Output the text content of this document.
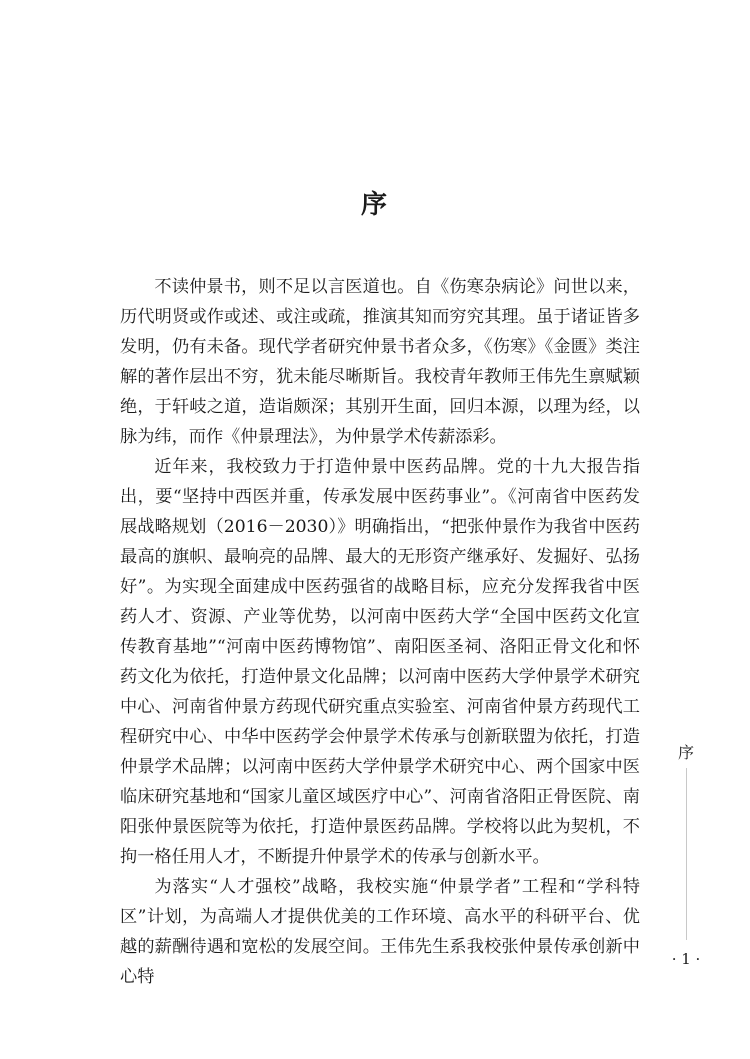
序

不读仲景书，则不足以言医道也。自《伤寒杂病论》问世以来，历代明贤或作或述、或注或疏，推演其知而穷究其理。虽于诸证皆多发明，仍有未备。现代学者研究仲景书者众多，《伤寒》《金匮》类注解的著作层出不穷，犹未能尽晰斯旨。我校青年教师王伟先生禀赋颖绝，于轩岐之道，造诣颇深；其别开生面，回归本源，以理为经，以脉为纬，而作《仲景理法》，为仲景学术传薪添彩。

近年来，我校致力于打造仲景中医药品牌。党的十九大报告指出，要“坚持中西医并重，传承发展中医药事业”。《河南省中医药发展战略规划（2016－2030）》明确指出，“把张仲景作为我省中医药最高的旗帜、最响亮的品牌、最大的无形资产继承好、发掘好、弘扬好”。为实现全面建成中医药强省的战略目标，应充分发挥我省中医药人才、资源、产业等优势，以河南中医药大学“全国中医药文化宣传教育基地”“河南中医药博物馆”、南阳医圣祠、洛阳正骨文化和怀药文化为依托，打造仲景文化品牌；以河南中医药大学仲景学术研究中心、河南省仲景方药现代研究重点实验室、河南省仲景方药现代工程研究中心、中华中医药学会仲景学术传承与创新联盟为依托，打造仲景学术品牌；以河南中医药大学仲景学术研究中心、两个国家中医临床研究基地和“国家儿童区域医疗中心”、河南省洛阳正骨医院、南阳张仲景医院等为依托，打造仲景医药品牌。学校将以此为契机，不拘一格任用人才，不断提升仲景学术的传承与创新水平。

为落实“人才强校”战略，我校实施“仲景学者”工程和“学科特区”计划，为高端人才提供优美的工作环境、高水平的科研平台、优越的薪酬待遇和宽松的发展空间。王伟先生系我校张仲景传承创新中心特

序
· 1 ·
